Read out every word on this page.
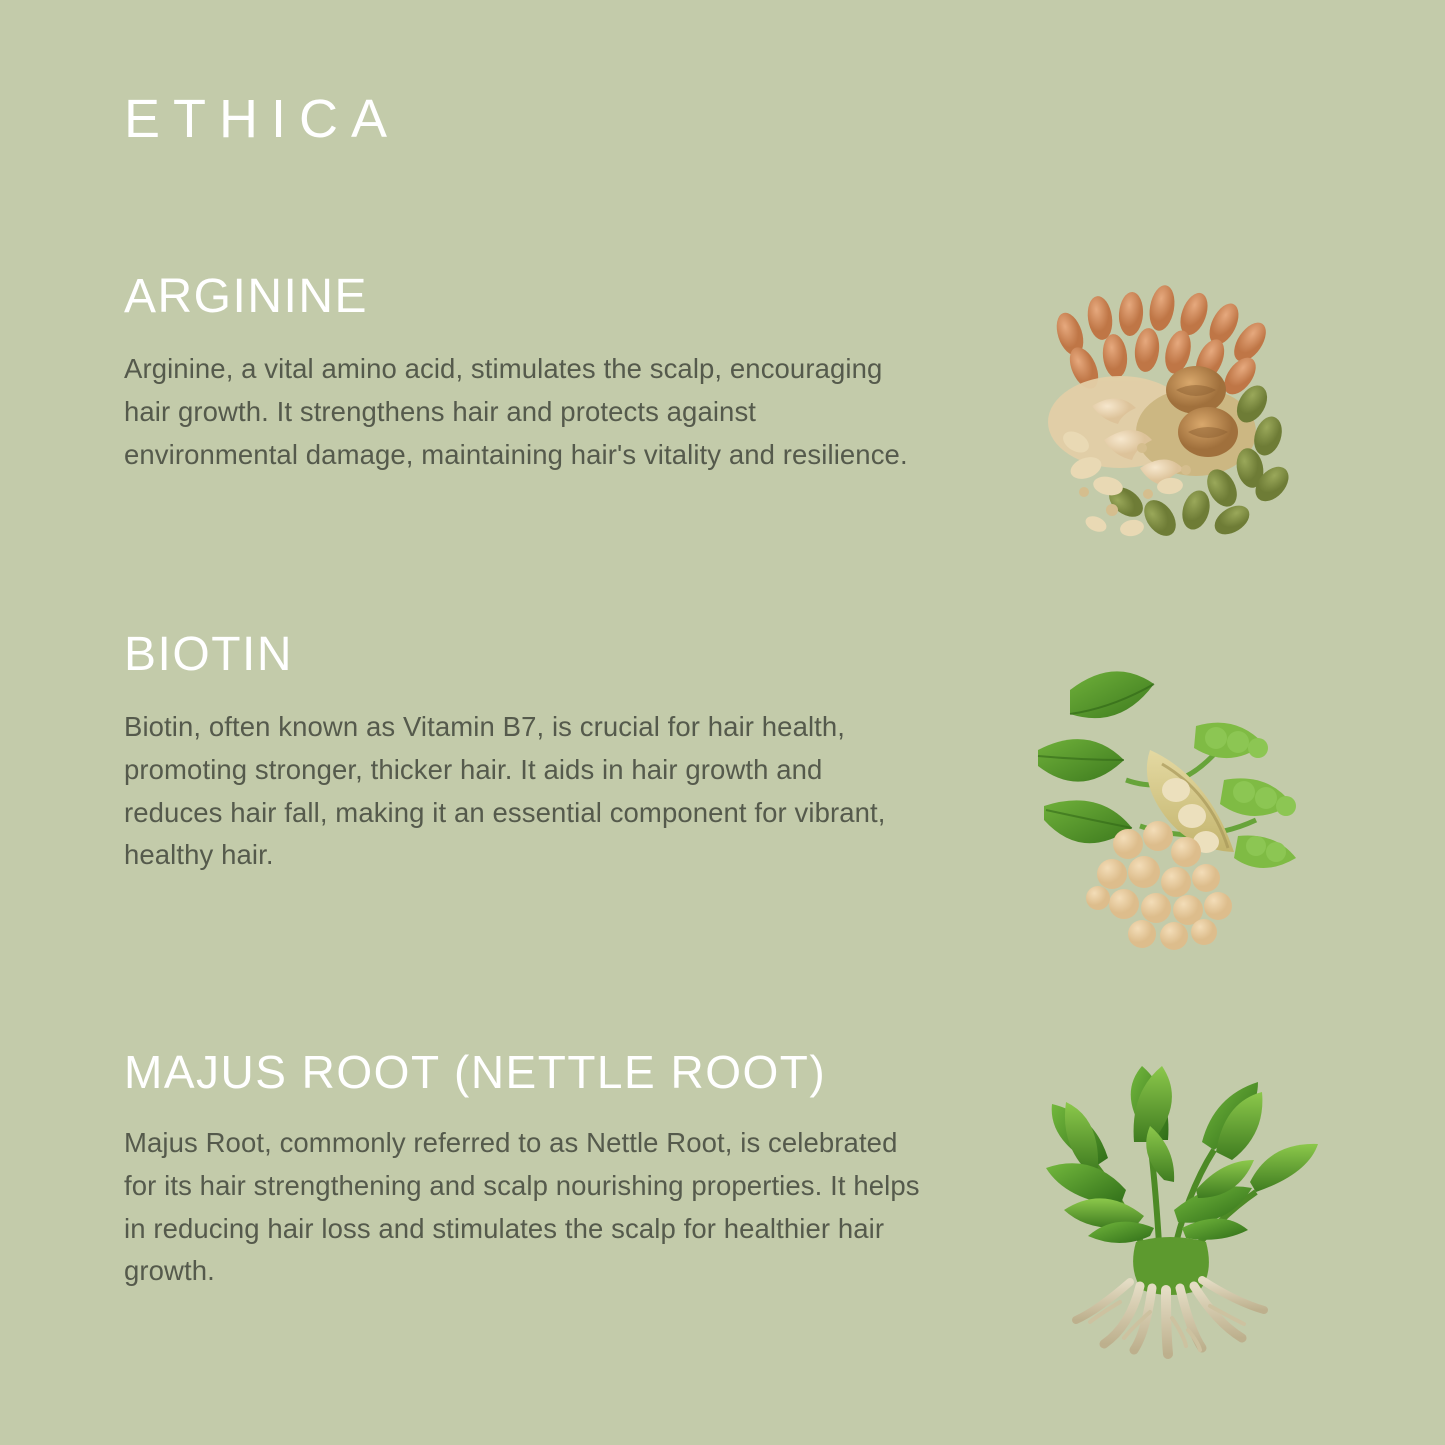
ETHICA
ARGININE
Arginine, a vital amino acid, stimulates the scalp, encouraging hair growth. It strengthens hair and protects against environmental damage, maintaining hair's vitality and resilience.
BIOTIN
Biotin, often known as Vitamin B7, is crucial for hair health, promoting stronger, thicker hair. It aids in hair growth and reduces hair fall, making it an essential component for vibrant, healthy hair.
MAJUS ROOT (NETTLE ROOT)
Majus Root, commonly referred to as Nettle Root, is celebrated for its hair strengthening and scalp nourishing properties. It helps in reducing hair loss and stimulates the scalp for healthier hair growth.
